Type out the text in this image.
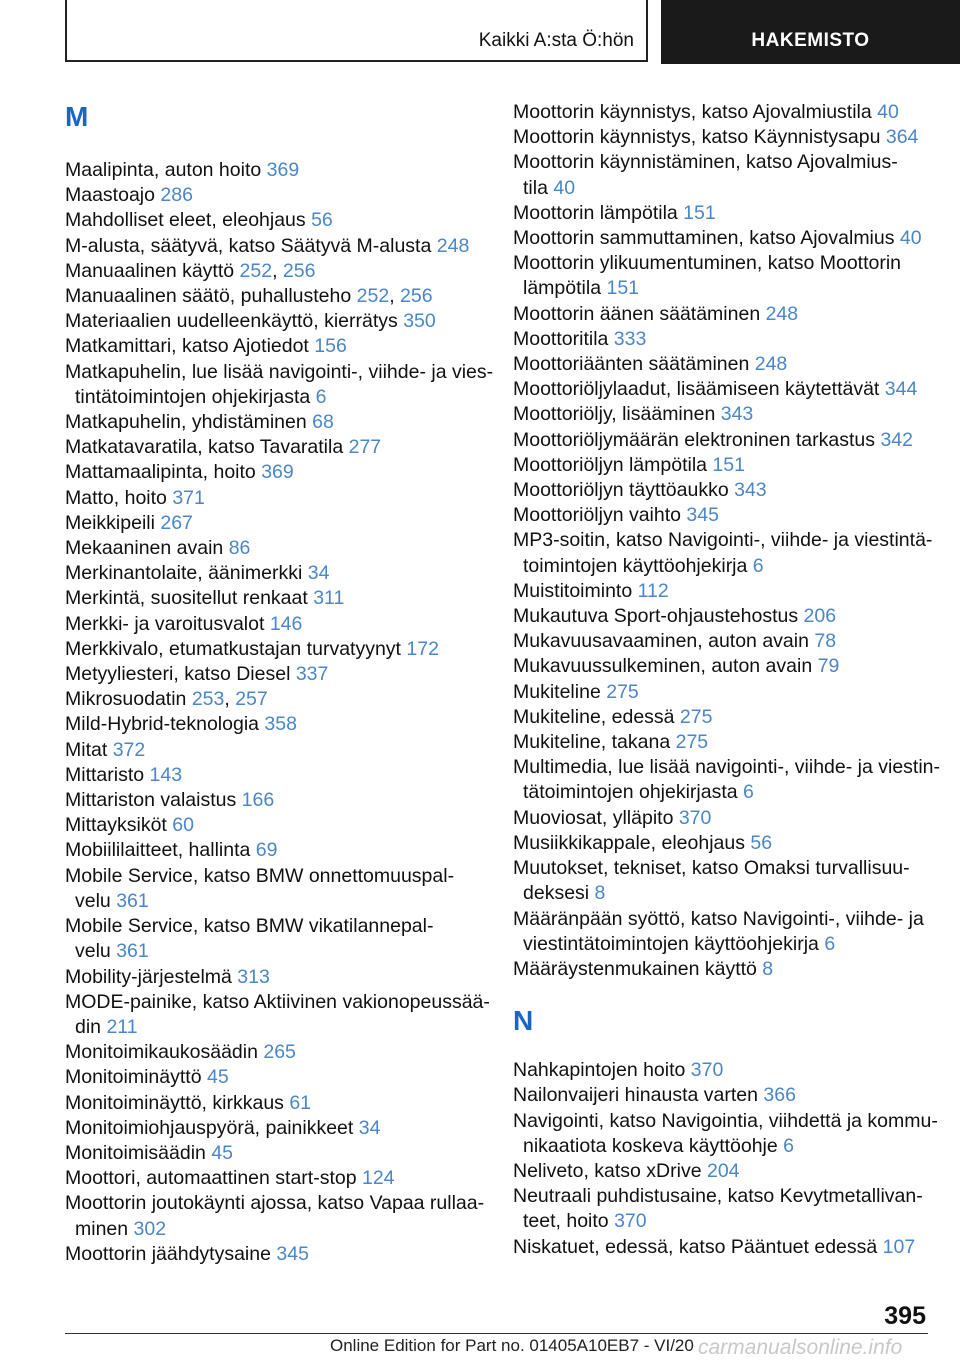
Kaikki A:sta Ö:hön	HAKEMISTO
M
Maalipinta, auton hoito 369
Maastoajo 286
Mahdolliset eleet, eleohjaus 56
M-alusta, säätyvä, katso Säätyvä M-alusta 248
Manuaalinen käyttö 252, 256
Manuaalinen säätö, puhallusteho 252, 256
Materiaalien uudelleenkäyttö, kierrätys 350
Matkamittari, katso Ajotiedot 156
Matkapuhelin, lue lisää navigointi-, viihde- ja vies-
tintätoimintojen ohjekirjasta 6
Matkapuhelin, yhdistäminen 68
Matkatavaratila, katso Tavaratila 277
Mattamaalipinta, hoito 369
Matto, hoito 371
Meikkipeili 267
Mekaaninen avain 86
Merkinantolaite, äänimerkki 34
Merkintä, suositellut renkaat 311
Merkki- ja varoitusvalot 146
Merkkivalo, etumatkustajan turvatyynyt 172
Metyyliesteri, katso Diesel 337
Mikrosuodatin 253, 257
Mild-Hybrid-teknologia 358
Mitat 372
Mittaristo 143
Mittariston valaistus 166
Mittayksiköt 60
Mobiililaitteet, hallinta 69
Mobile Service, katso BMW onnettomuuspal-
velu 361
Mobile Service, katso BMW vikatilannepal-
velu 361
Mobility-järjestelmä 313
MODE-painike, katso Aktiivinen vakionopeussää-
din 211
Monitoimikaukosäädin 265
Monitoiminäyttö 45
Monitoiminäyttö, kirkkaus 61
Monitoimiohjauspyörä, painikkeet 34
Monitoimisäädin 45
Moottori, automaattinen start-stop 124
Moottorin joutokäynti ajossa, katso Vapaa rullaa-
minen 302
Moottorin jäähdytysaine 345
Moottorin käynnistys, katso Ajovalmiustila 40
Moottorin käynnistys, katso Käynnistysapu 364
Moottorin käynnistäminen, katso Ajovalmius-
tila 40
Moottorin lämpötila 151
Moottorin sammuttaminen, katso Ajovalmius 40
Moottorin ylikuumentuminen, katso Moottorin
lämpötila 151
Moottorin äänen säätäminen 248
Moottoritila 333
Moottoriäänten säätäminen 248
Moottoriöljylaadut, lisäämiseen käytettävät 344
Moottoriöljy, lisääminen 343
Moottoriöljymäärän elektroninen tarkastus 342
Moottoriöljyn lämpötila 151
Moottoriöljyn täyttöaukko 343
Moottoriöljyn vaihto 345
MP3-soitin, katso Navigointi-, viihde- ja viestintä-
toimintojen käyttöohjekirja 6
Muistitoiminto 112
Mukautuva Sport-ohjaustehostus 206
Mukavuusavaaminen, auton avain 78
Mukavuussulkeminen, auton avain 79
Mukiteline 275
Mukiteline, edessä 275
Mukiteline, takana 275
Multimedia, lue lisää navigointi-, viihde- ja viestin-
tätoimintojen ohjekirjasta 6
Muoviosat, ylläpito 370
Musiikkikappale, eleohjaus 56
Muutokset, tekniset, katso Omaksi turvallisuu-
deksesi 8
Määränpään syöttö, katso Navigointi-, viihde- ja
viestintätoimintojen käyttöohjekirja 6
Määräystenmukainen käyttö 8
N
Nahkapintojen hoito 370
Nailonvaijeri hinausta varten 366
Navigointi, katso Navigointia, viihdettä ja kommu-
nikaatiota koskeva käyttöohje 6
Neliveto, katso xDrive 204
Neutraali puhdistusaine, katso Kevytmetallivan-
teet, hoito 370
Niskatuet, edessä, katso Pääntuet edessä 107
395
Online Edition for Part no. 01405A10EB7 - VI/20 carmanualsonline.info
